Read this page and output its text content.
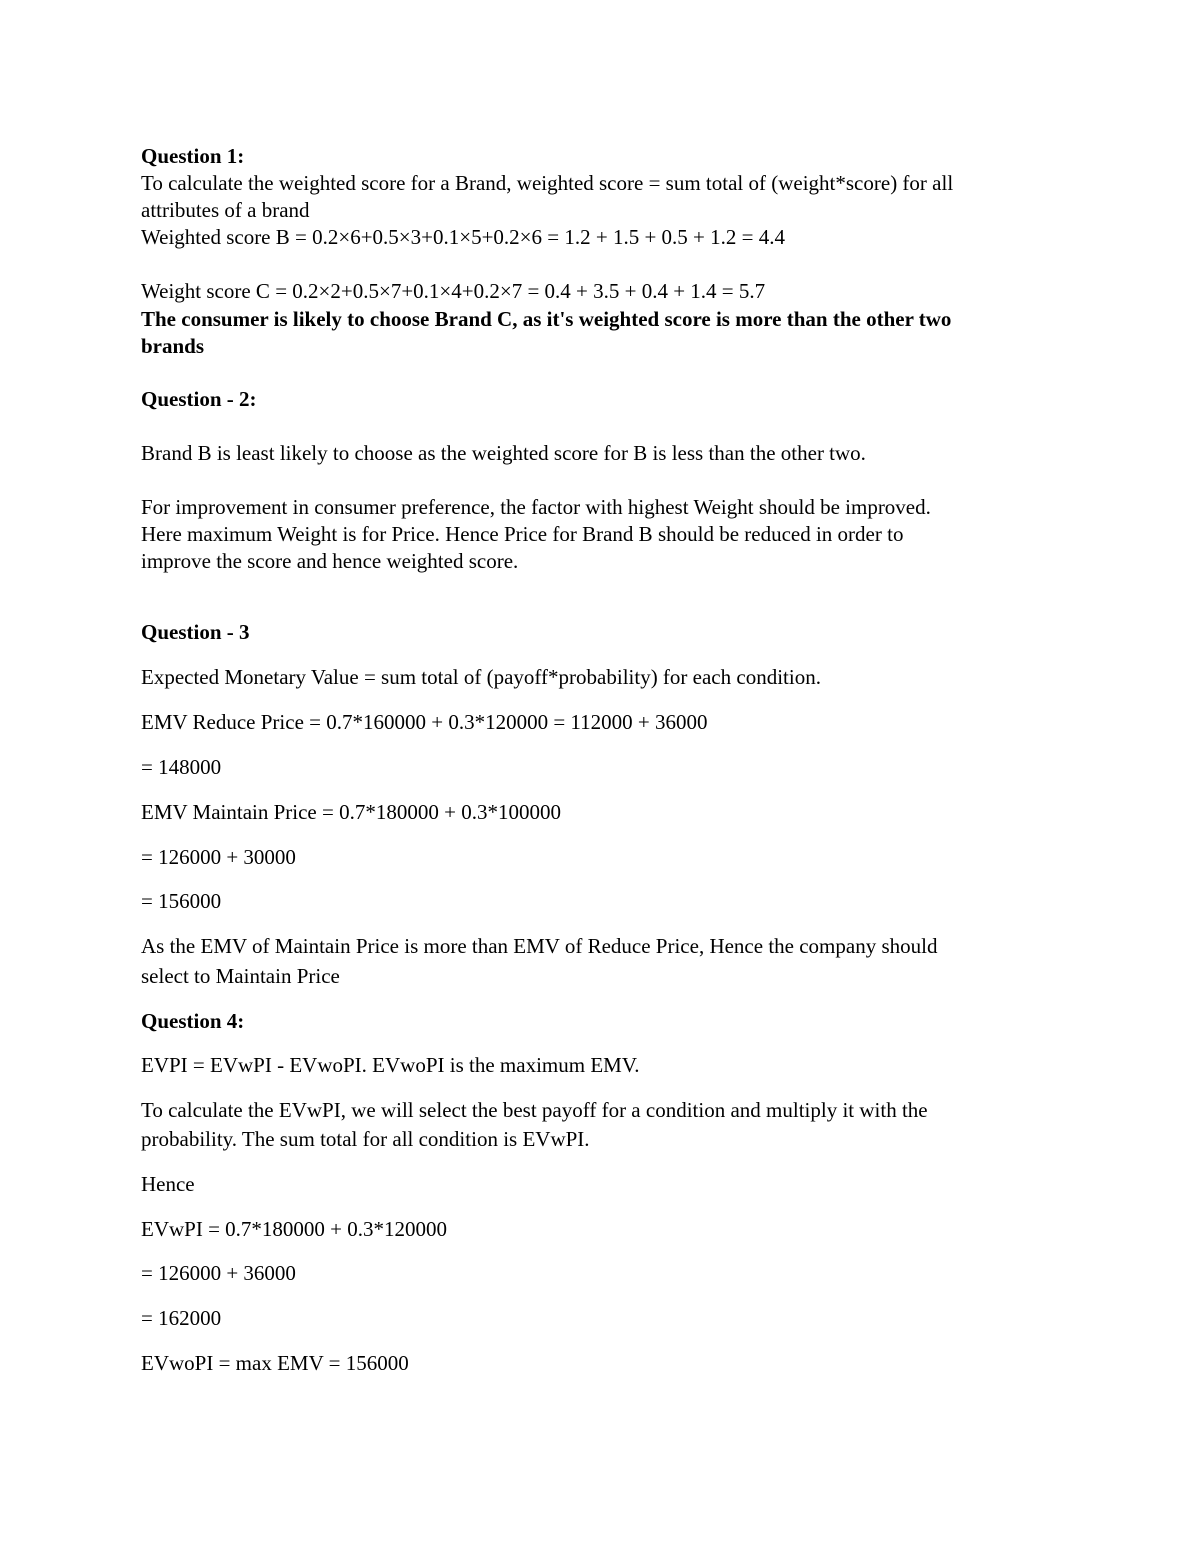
Question 1:
To calculate the weighted score for a Brand, weighted score = sum total of (weight*score) for all
attributes of a brand
Weighted score B = 0.2×6+0.5×3+0.1×5+0.2×6 = 1.2 + 1.5 + 0.5 + 1.2 = 4.4
Weight score C = 0.2×2+0.5×7+0.1×4+0.2×7 = 0.4 + 3.5 + 0.4 + 1.4 = 5.7
The consumer is likely to choose Brand C, as it's weighted score is more than the other two
brands
Question - 2:
Brand B is least likely to choose as the weighted score for B is less than the other two.
For improvement in consumer preference, the factor with highest Weight should be improved.
Here maximum Weight is for Price. Hence Price for Brand B should be reduced in order to
improve the score and hence weighted score.
Question - 3
Expected Monetary Value = sum total of (payoff*probability) for each condition.
EMV Reduce Price = 0.7*160000 + 0.3*120000 = 112000 + 36000
= 148000
EMV Maintain Price = 0.7*180000 + 0.3*100000
= 126000 + 30000
= 156000
As the EMV of Maintain Price is more than EMV of Reduce Price, Hence the company should
select to Maintain Price
Question 4:
EVPI = EVwPI - EVwoPI. EVwoPI is the maximum EMV.
To calculate the EVwPI, we will select the best payoff for a condition and multiply it with the
probability. The sum total for all condition is EVwPI.
Hence
EVwPI = 0.7*180000 + 0.3*120000
= 126000 + 36000
= 162000
EVwoPI = max EMV = 156000
